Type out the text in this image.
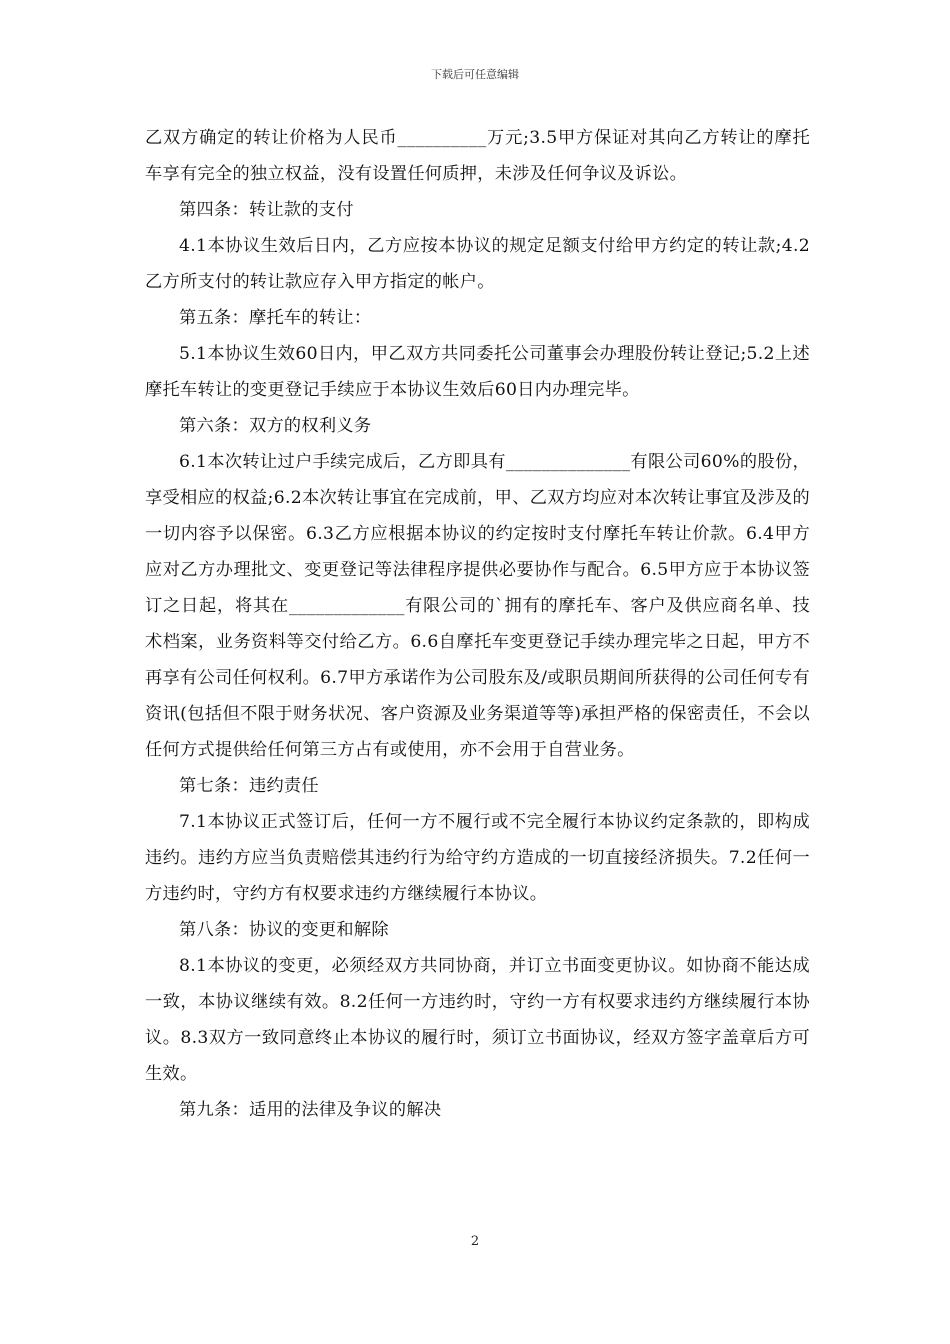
下载后可任意编辑

乙双方确定的转让价格为人民币__________万元;3.5甲方保证对其向乙方转让的摩托车享有完全的独立权益，没有设置任何质押，未涉及任何争议及诉讼。

第四条：转让款的支付

4.1本协议生效后日内，乙方应按本协议的规定足额支付给甲方约定的转让款;4.2乙方所支付的转让款应存入甲方指定的帐户。

第五条：摩托车的转让：

5.1本协议生效60日内，甲乙双方共同委托公司董事会办理股份转让登记;5.2上述摩托车转让的变更登记手续应于本协议生效后60日内办理完毕。

第六条：双方的权利义务

6.1本次转让过户手续完成后，乙方即具有______________有限公司60%的股份，享受相应的权益;6.2本次转让事宜在完成前，甲、乙双方均应对本次转让事宜及涉及的一切内容予以保密。6.3乙方应根据本协议的约定按时支付摩托车转让价款。6.4甲方应对乙方办理批文、变更登记等法律程序提供必要协作与配合。6.5甲方应于本协议签订之日起，将其在_____________有限公司的`拥有的摩托车、客户及供应商名单、技术档案，业务资料等交付给乙方。6.6自摩托车变更登记手续办理完毕之日起，甲方不再享有公司任何权利。6.7甲方承诺作为公司股东及/或职员期间所获得的公司任何专有资讯(包括但不限于财务状况、客户资源及业务渠道等等)承担严格的保密责任，不会以任何方式提供给任何第三方占有或使用，亦不会用于自营业务。

第七条：违约责任

7.1本协议正式签订后，任何一方不履行或不完全履行本协议约定条款的，即构成违约。违约方应当负责赔偿其违约行为给守约方造成的一切直接经济损失。7.2任何一方违约时，守约方有权要求违约方继续履行本协议。

第八条：协议的变更和解除

8.1本协议的变更，必须经双方共同协商，并订立书面变更协议。如协商不能达成一致，本协议继续有效。8.2任何一方违约时，守约一方有权要求违约方继续履行本协议。8.3双方一致同意终止本协议的履行时，须订立书面协议，经双方签字盖章后方可生效。

第九条：适用的法律及争议的解决

2
